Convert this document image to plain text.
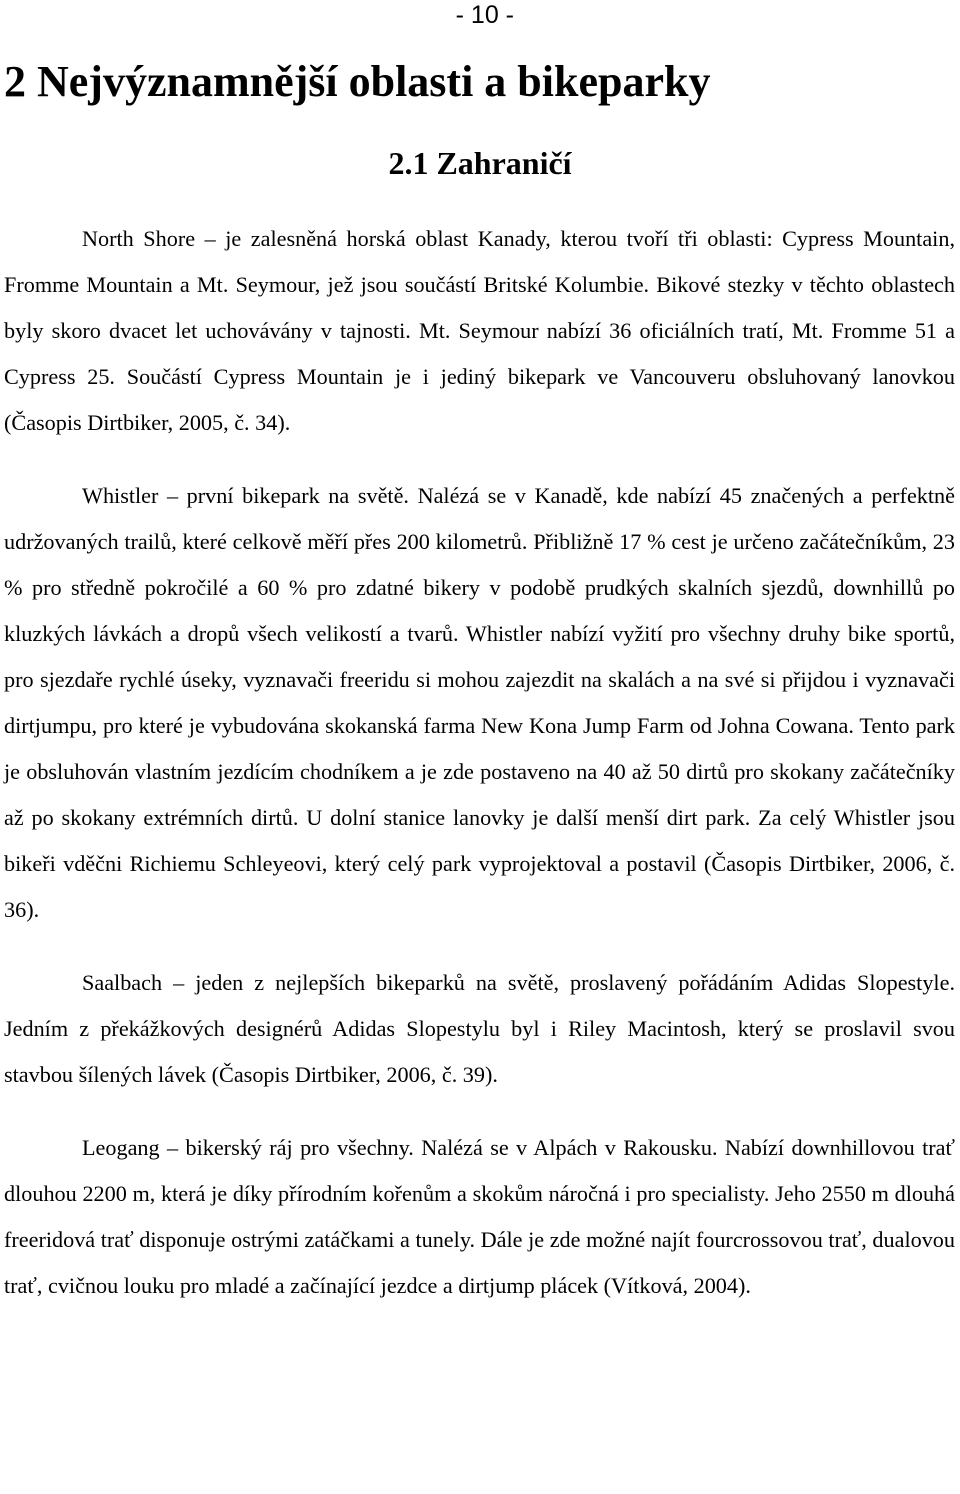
- 10 -
2 Nejvýznamnější oblasti a bikeparky
2.1 Zahraničí

North Shore – je zalesněná horská oblast Kanady, kterou tvoří tři oblasti: Cypress Mountain, Fromme Mountain a Mt. Seymour, jež jsou součástí Britské Kolumbie. Bikové stezky v těchto oblastech byly skoro dvacet let uchovávány v tajnosti. Mt. Seymour nabízí 36 oficiálních tratí, Mt. Fromme 51 a Cypress 25. Součástí Cypress Mountain je i jediný bikepark ve Vancouveru obsluhovaný lanovkou (Časopis Dirtbiker, 2005, č. 34).

Whistler – první bikepark na světě. Nalézá se v Kanadě, kde nabízí 45 značených a perfektně udržovaných trailů, které celkově měří přes 200 kilometrů. Přibližně 17 % cest je určeno začátečníkům, 23 % pro středně pokročilé a 60 % pro zdatné bikery v podobě prudkých skalních sjezdů, downhillů po kluzkých lávkách a dropů všech velikostí a tvarů. Whistler nabízí vyžití pro všechny druhy bike sportů, pro sjezdaře rychlé úseky, vyznavači freeridu si mohou zajezdit na skalách a na své si přijdou i vyznavači dirtjumpu, pro které je vybudována skokanská farma New Kona Jump Farm od Johna Cowana. Tento park je obsluhován vlastním jezdícím chodníkem a je zde postaveno na 40 až 50 dirtů pro skokany začátečníky až po skokany extrémních dirtů. U dolní stanice lanovky je další menší dirt park. Za celý Whistler jsou bikeři vděčni Richiemu Schleyeovi, který celý park vyprojektoval a postavil (Časopis Dirtbiker, 2006, č. 36).

Saalbach – jeden z nejlepších bikeparků na světě, proslavený pořádáním Adidas Slopestyle. Jedním z překážkových designérů Adidas Slopestylu byl i Riley Macintosh, který se proslavil svou stavbou šílených lávek (Časopis Dirtbiker, 2006, č. 39).

Leogang – bikerský ráj pro všechny. Nalézá se v Alpách v Rakousku. Nabízí downhillovou trať dlouhou 2200 m, která je díky přírodním kořenům a skokům náročná i pro specialisty. Jeho 2550 m dlouhá freeridová trať disponuje ostrými zatáčkami a tunely. Dále je zde možné najít fourcrossovou trať, dualovou trať, cvičnou louku pro mladé a začínající jezdce a dirtjump plácek (Vítková, 2004).
